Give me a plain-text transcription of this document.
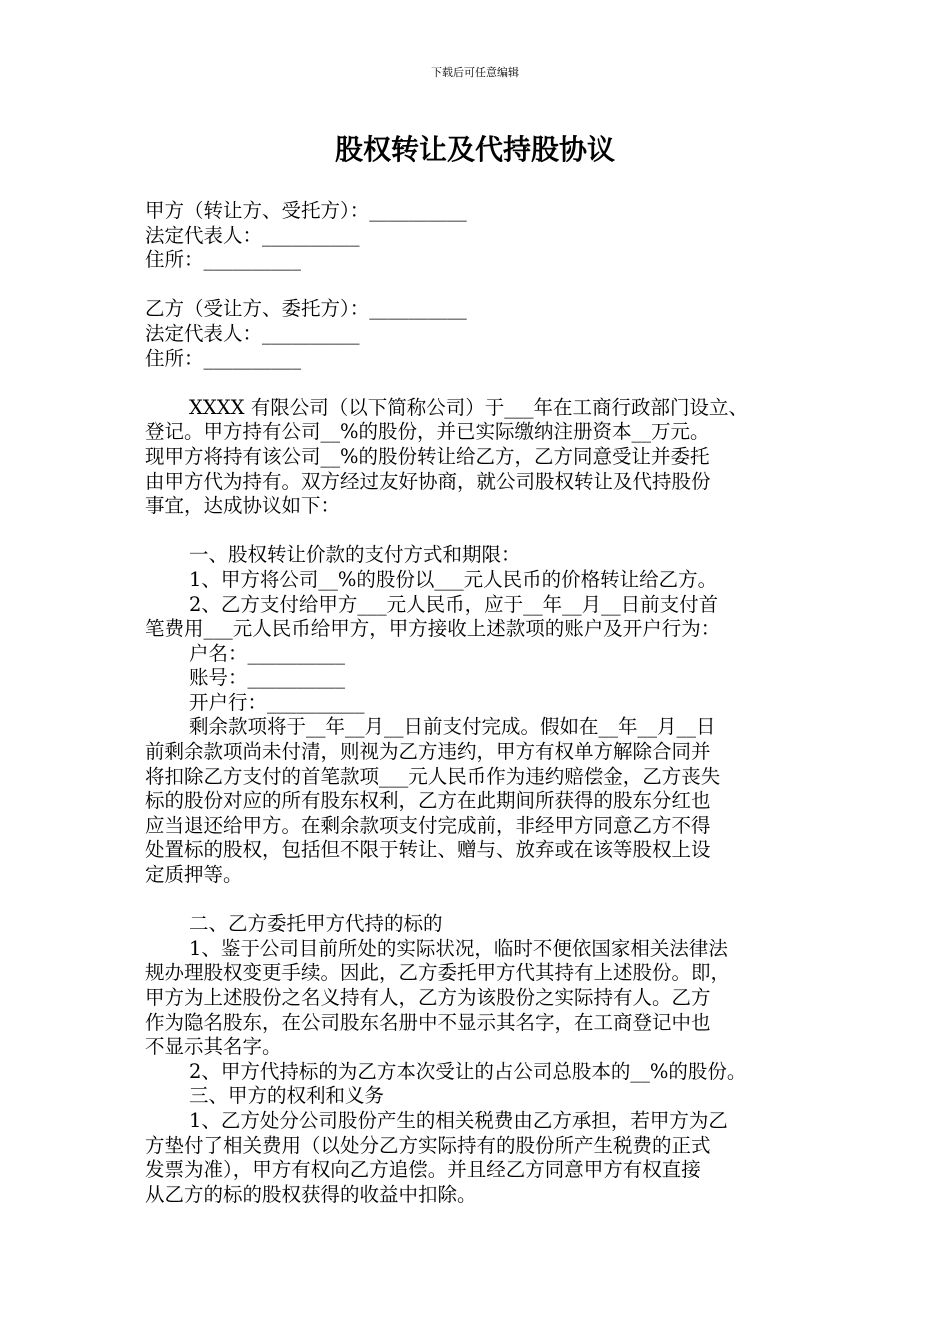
下载后可任意编辑
股权转让及代持股协议
甲方（转让方、受托方）：__________
法定代表人：__________
住所：__________
乙方（受让方、委托方）：__________
法定代表人：__________
住所：__________
XXXX 有限公司（以下简称公司）于___年在工商行政部门设立、
登记。甲方持有公司__%的股份，并已实际缴纳注册资本__万元。
现甲方将持有该公司__%的股份转让给乙方，乙方同意受让并委托
由甲方代为持有。双方经过友好协商，就公司股权转让及代持股份
事宜，达成协议如下：
一、股权转让价款的支付方式和期限：
1、甲方将公司__%的股份以___元人民币的价格转让给乙方。
2、乙方支付给甲方___元人民币，应于__年__月__日前支付首
笔费用___元人民币给甲方，甲方接收上述款项的账户及开户行为：
户名：__________
账号：__________
开户行：__________
剩余款项将于__年__月__日前支付完成。假如在__年__月__日
前剩余款项尚未付清，则视为乙方违约，甲方有权单方解除合同并
将扣除乙方支付的首笔款项___元人民币作为违约赔偿金，乙方丧失
标的股份对应的所有股东权利，乙方在此期间所获得的股东分红也
应当退还给甲方。在剩余款项支付完成前，非经甲方同意乙方不得
处置标的股权，包括但不限于转让、赠与、放弃或在该等股权上设
定质押等。
二、乙方委托甲方代持的标的
1、鉴于公司目前所处的实际状况，临时不便依国家相关法律法
规办理股权变更手续。因此，乙方委托甲方代其持有上述股份。即，
甲方为上述股份之名义持有人，乙方为该股份之实际持有人。乙方
作为隐名股东，在公司股东名册中不显示其名字，在工商登记中也
不显示其名字。
2、甲方代持标的为乙方本次受让的占公司总股本的__%的股份。
三、甲方的权利和义务
1、乙方处分公司股份产生的相关税费由乙方承担，若甲方为乙
方垫付了相关费用（以处分乙方实际持有的股份所产生税费的正式
发票为准），甲方有权向乙方追偿。并且经乙方同意甲方有权直接
从乙方的标的股权获得的收益中扣除。
